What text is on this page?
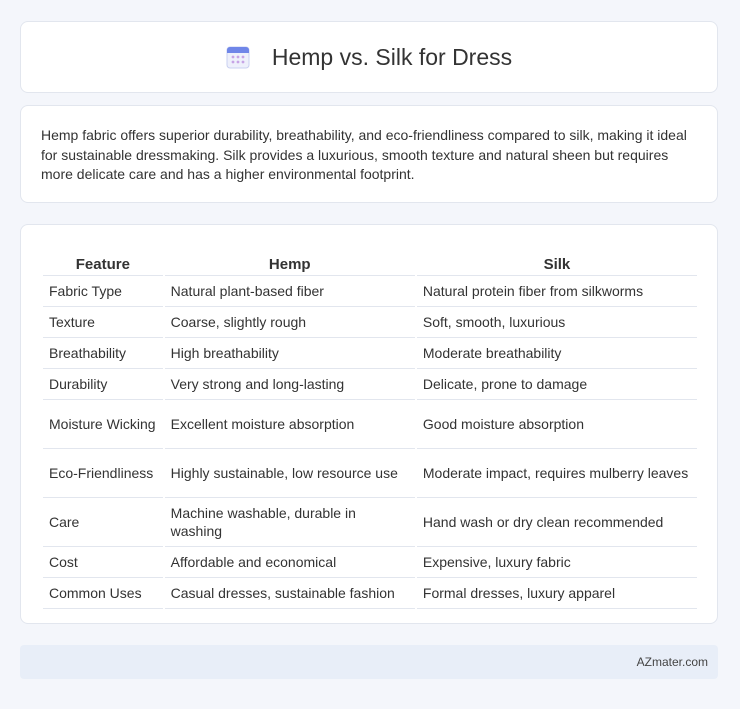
Hemp vs. Silk for Dress

Hemp fabric offers superior durability, breathability, and eco-friendliness compared to silk, making it ideal for sustainable dressmaking. Silk provides a luxurious, smooth texture and natural sheen but requires more delicate care and has a higher environmental footprint.

Feature	Hemp	Silk
Fabric Type	Natural plant-based fiber	Natural protein fiber from silkworms
Texture	Coarse, slightly rough	Soft, smooth, luxurious
Breathability	High breathability	Moderate breathability
Durability	Very strong and long-lasting	Delicate, prone to damage
Moisture Wicking	Excellent moisture absorption	Good moisture absorption
Eco-Friendliness	Highly sustainable, low resource use	Moderate impact, requires mulberry leaves
Care	Machine washable, durable in washing	Hand wash or dry clean recommended
Cost	Affordable and economical	Expensive, luxury fabric
Common Uses	Casual dresses, sustainable fashion	Formal dresses, luxury apparel
AZmater.com
